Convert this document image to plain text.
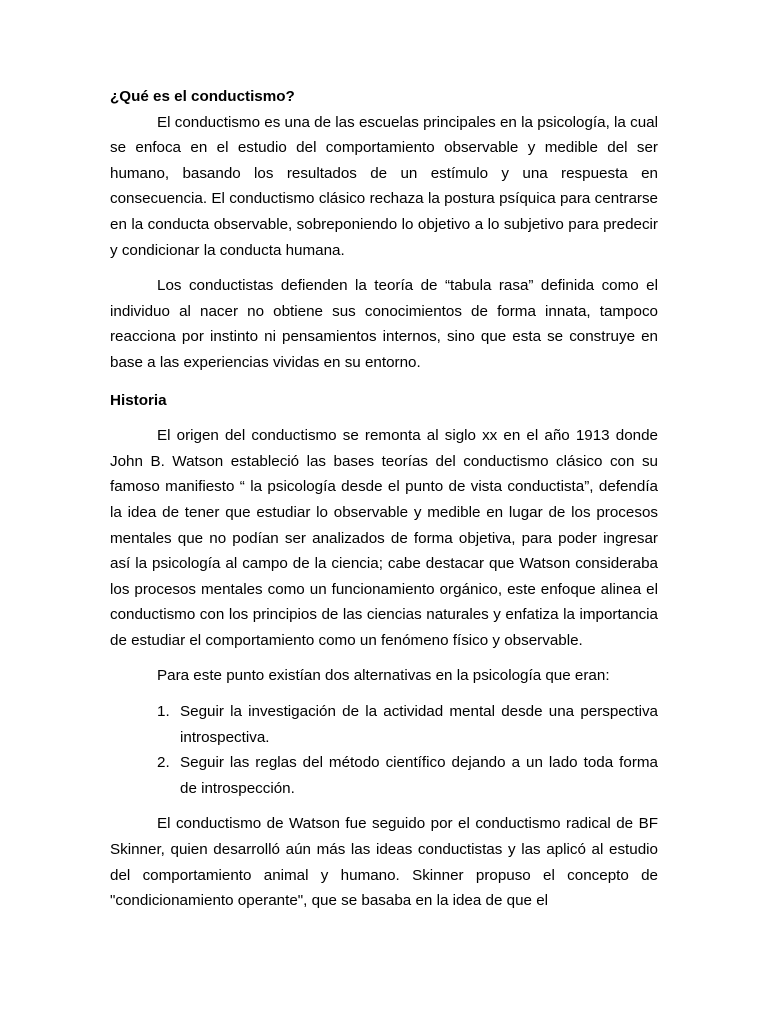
¿Qué es el conductismo?

El conductismo es una de las escuelas principales en la psicología, la cual se enfoca en el estudio del comportamiento observable y medible del ser humano, basando los resultados de un estímulo y una respuesta en consecuencia. El conductismo clásico rechaza la postura psíquica para centrarse en la conducta observable, sobreponiendo lo objetivo a lo subjetivo para predecir y condicionar la conducta humana.

Los conductistas defienden la teoría de “tabula rasa” definida como el individuo al nacer no obtiene sus conocimientos de forma innata, tampoco reacciona por instinto ni pensamientos internos, sino que esta se construye en base a las experiencias vividas en su entorno.

Historia

El origen del conductismo se remonta al siglo xx en el año 1913 donde John B. Watson estableció las bases teorías del conductismo clásico con su famoso manifiesto “ la psicología desde el punto de vista conductista”, defendía la idea de tener que estudiar lo observable y medible en lugar de los procesos mentales que no podían ser analizados de forma objetiva, para poder ingresar así la psicología al campo de la ciencia; cabe destacar que Watson consideraba los procesos mentales como un funcionamiento orgánico, este enfoque alinea el conductismo con los principios de las ciencias naturales y enfatiza la importancia de estudiar el comportamiento como un fenómeno físico y observable.

Para este punto existían dos alternativas en la psicología que eran:

1. Seguir la investigación de la actividad mental desde una perspectiva introspectiva.
2. Seguir las reglas del método científico dejando a un lado toda forma de introspección.

El conductismo de Watson fue seguido por el conductismo radical de BF Skinner, quien desarrolló aún más las ideas conductistas y las aplicó al estudio del comportamiento animal y humano. Skinner propuso el concepto de "condicionamiento operante", que se basaba en la idea de que el
